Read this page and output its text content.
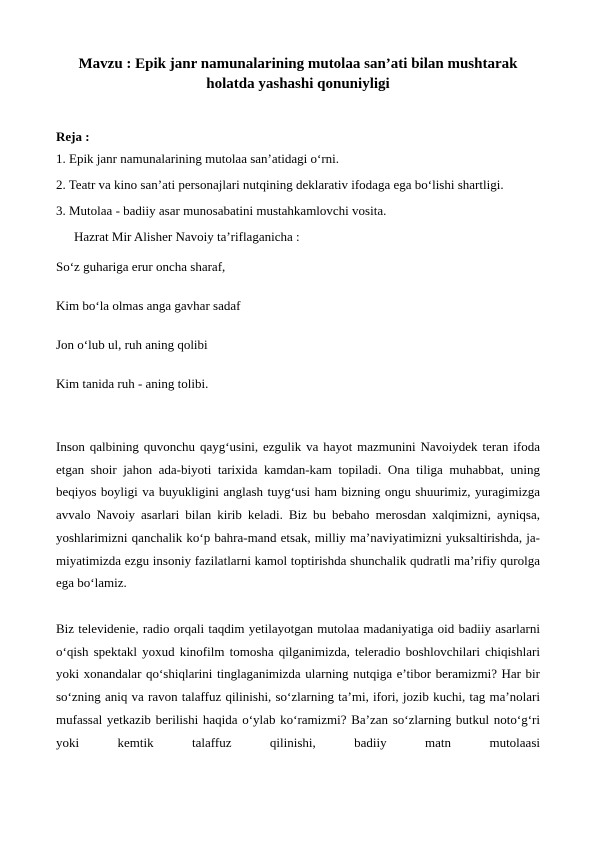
Mavzu : Epik janr namunalarining mutolaa san’ati bilan mushtarak

holatda yashashi qonuniyligi

Reja :

1. Epik janr namunalarining mutolaa san’atidagi o‘rni.

2. Teatr va kino san’ati personajlari nutqining deklarativ ifodaga ega bo‘lishi shartligi.

3. Mutolaa - badiiy asar munosabatini mustahkamlovchi vosita.

Hazrat Mir Alisher Navoiy ta’riflaganicha :

So‘z guhariga erur oncha sharaf,

Kim bo‘la olmas anga gavhar sadaf

Jon o‘lub ul, ruh aning qolibi

Kim tanida ruh - aning tolibi.

Inson qalbining quvonchu qayg‘usini, ezgulik va hayot mazmunini Navoiydek teran ifoda etgan shoir jahon ada-biyoti tarixida kamdan-kam topiladi. Ona tiliga muhabbat, uning beqiyos boyligi va buyukligini anglash tuyg‘usi ham bizning ongu shuurimiz, yuragimizga avvalo Navoiy asarlari bilan kirib keladi. Biz bu bebaho merosdan xalqimizni, ayniqsa, yoshlarimizni qanchalik ko‘p bahra-mand etsak, milliy ma’naviyatimizni yuksaltirishda, ja-miyatimizda ezgu insoniy fazilatlarni kamol toptirishda shunchalik qudratli ma’rifiy qurolga ega bo‘lamiz.

Biz televidenie, radio orqali taqdim yetilayotgan mutolaa madaniyatiga oid badiiy asarlarni o‘qish spektakl yoxud kinofilm tomosha qilganimizda, teleradio boshlovchilari chiqishlari yoki xonandalar qo‘shiqlarini tinglaganimizda ularning nutqiga e’tibor beramizmi? Har bir so‘zning aniq va ravon talaffuz qilinishi, so‘zlarning ta’mi, ifori, jozib kuchi, tag ma’nolari mufassal yetkazib berilishi haqida o‘ylab ko‘ramizmi? Ba’zan so‘zlarning butkul noto‘g‘ri yoki kemtik talaffuz qilinishi, badiiy matn mutolaasi
